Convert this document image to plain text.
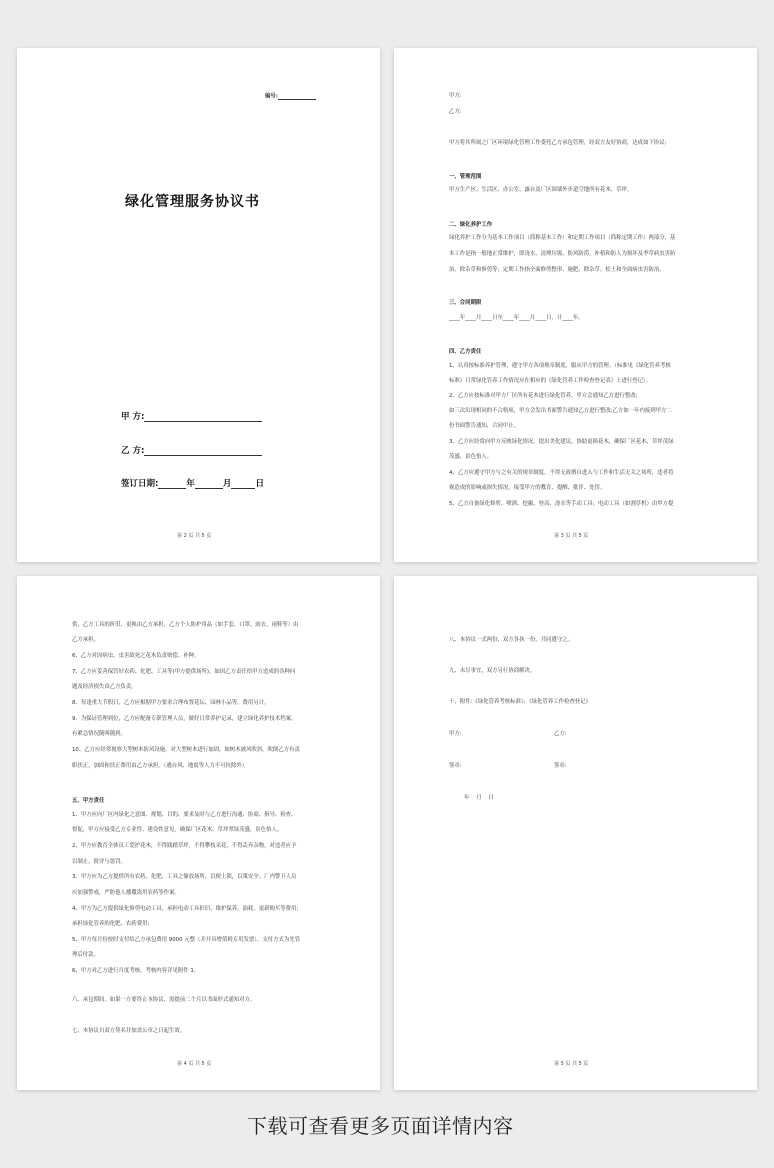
编号:
绿化管理服务协议书
甲 方:
乙 方:
签订日期:	年	月	日
第 2 页 共 5 页
甲方:
乙方:
甲方将其所属之厂区环境绿化管理工作委托乙方承包管理，经双方友好协商，达成如下协议:
一、管理范围
甲方生产区、生活区、办公室、露台及厂区围墙外步道空地所有花木、草坪。
二、绿化养护工作
绿化养护工作分为基本工作项目（简称基本工作）和定期工作项目（简称定期工作）两部分，基
本工作是指一般地正常维护，即浇水、清理垃圾、防风防涝，补植和防人为损坏及季草病虫害防
治、除杂草和修剪等；定期工作指全面修剪整形、施肥、除杂草、松土和全面病虫害防治。
三、合同期限
____年____月____日至____年____月____日，计____年。
四、乙方责任
1、认真按标准养护管理，遵守甲方各项规章制度，服从甲方的管理。（标准见《绿化管养考核
标准》日常绿化管养工作情况应在相应的《绿化管养工作检查登记表》上进行登记）。
2、乙方应按标准对甲方厂区所有花木进行绿化管养，甲方会通知乙方进行整改;
如三次出现相同的不合格项，甲方会发出书面警告通知乙方进行整改;乙方如一年内接到甲方二
份书面警告通知，合同中止。
3、乙方应经常向甲方反映绿化情况，提出美化建议，协助更换花木，确保厂区花木、草坪茂绿
茂盛、景色怡人。
4、乙方应遵守甲方与之有关的规章制度，不得无故擅自进入与工作和生活无关之场所，违者将
视造成的影响或损失情况，接受甲方的教育、提醒、批评、处罚。
5、乙方自备绿化修剪、喷洒、挖掘、登高、浇水等手动工具；电动工具（如割草机）由甲方提
第 3 页 共 5 页
供，乙方工具的折旧、更换由乙方承担，乙方个人防护用品（如手套、口罩、雨衣、雨鞋等）由
乙方承担。
6、乙方对因病虫、虫害致死之花木负责赔偿、补种。
7、乙方应妥善保管好农药、化肥、工具等(甲方提供场所)，如因乙方责任给甲方造成的各种问
题及经济损失由乙方负责。
8、每逢重大节假日，乙方应根据甲方要求合理布置花坛、园林小品等，费用另计。
9、为保证管理到位，乙方应配备专职管理人员，做好日常养护记录，建立绿化养护技术档案，
有紧急情况随叫随到。
10、乙方应经常视察大型树木防风设施，对大型树木进行加固，如树木被风吹斜，吹倒乙方有责
职扶正，加固和扶正费用由乙方承担。（遇台风、地震等人力不可抗除外）
五、甲方责任
1、甲方应向厂区内绿化之意图、规划、目的、要求及时与乙方进行沟通、协商、指导、检查、
督促，甲方应接受乙方专业性、建设性意见，确保厂区花木、草坪翠绿茂盛，景色怡人。
2、甲方应教育全体员工爱护花木，不得践踏草坪，不得攀枝采花，不得丢弃杂物，对违者应予
以制止，批评与惩罚。
3、甲方应为乙方提供所有农药、化肥、工具之储放场所，以便上锁，以策安全。厂内警卫人员
应加强警戒，严防他人播撒盗用农药等作案。
4、甲方为乙方提供绿化修剪电动工具，承担电动工具折旧、维护保养，油耗、更新购买等费用;
承担绿化管养的化肥、农药费用;
5、甲方每月份按时支付给乙方承包费用 9000 元整（并开具增值税专用发票），支付方式为先管
理后付款。
6、甲方对乙方进行月度考核，考核内容详见附件 1。
六、承包期间，如果一方要终止本协议，需提前二个月以书面形式通知对方。
七、本协议自双方签名并加盖公章之日起生效。
第 4 页 共 5 页
八、本协议一式两份，双方各执一份，共同遵守之。
九、未尽事宜，双方另行协商解决。
十、附件:《绿化管养考核标准》、《绿化管养工作检查登记》
甲方:	乙方:
签章:	签章:
年    月    日
第 5 页 共 5 页
下载可查看更多页面详情内容
